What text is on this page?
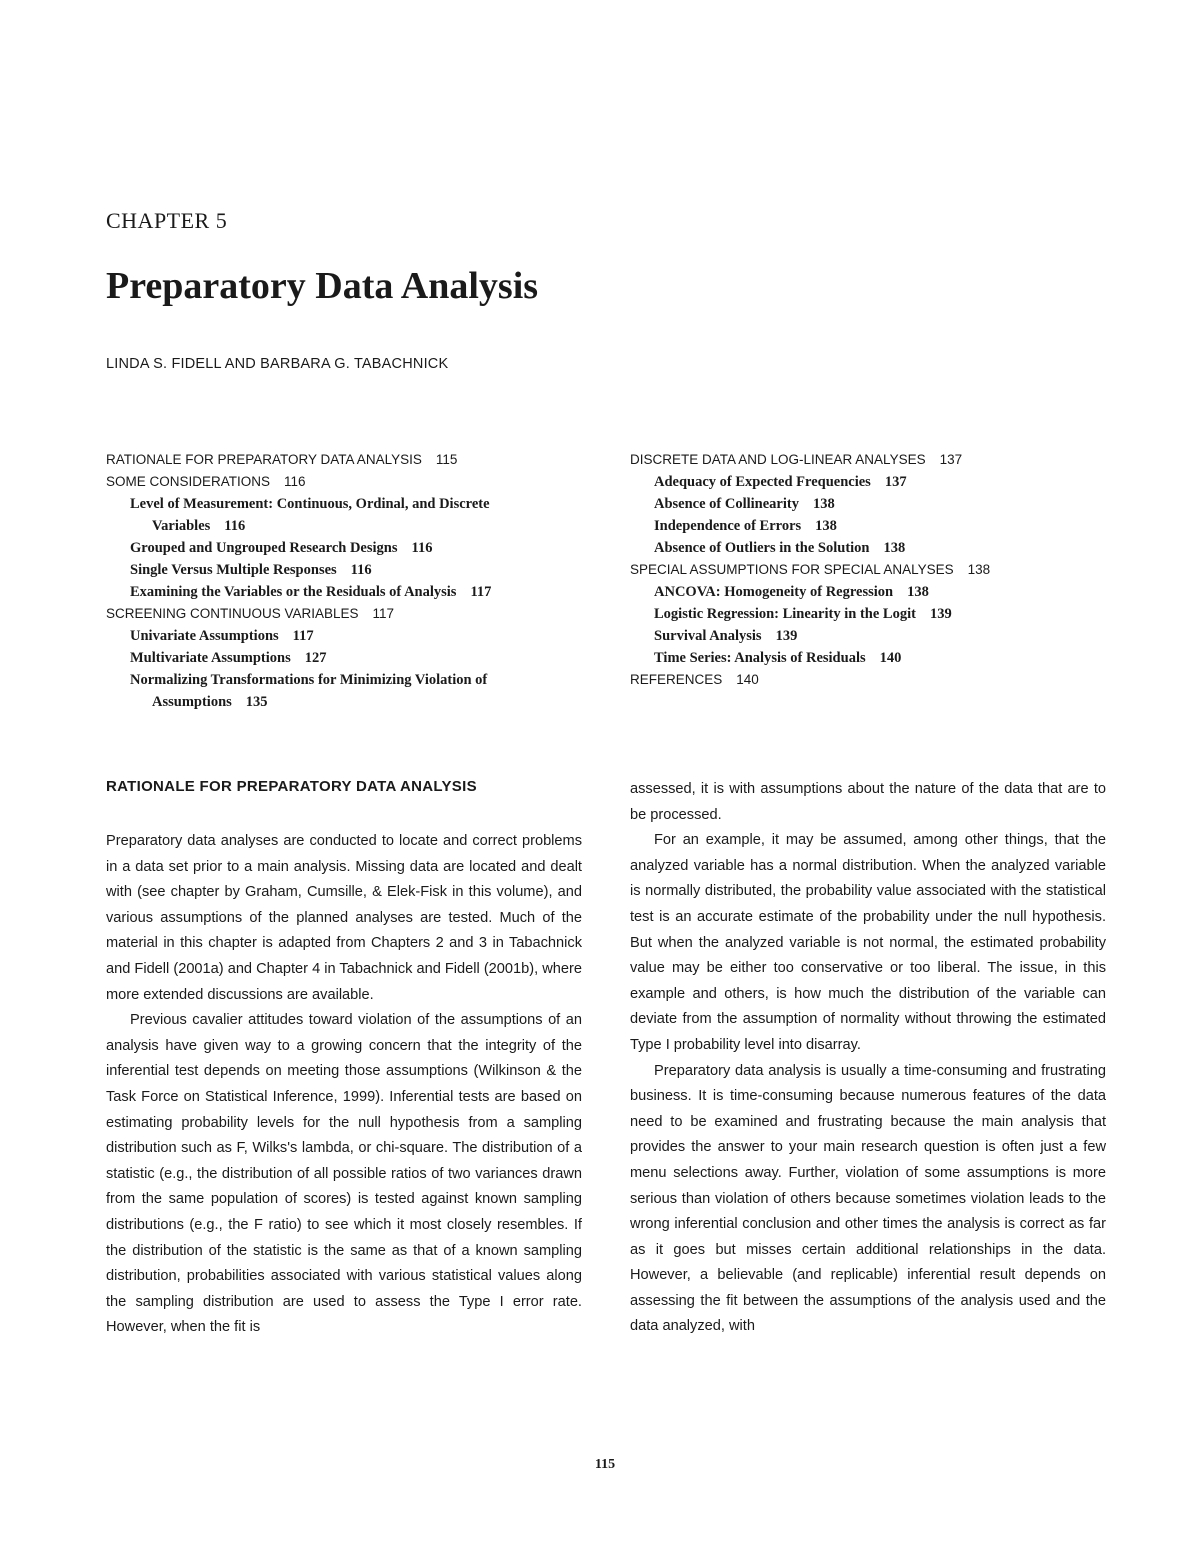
CHAPTER 5
Preparatory Data Analysis
LINDA S. FIDELL AND BARBARA G. TABACHNICK
RATIONALE FOR PREPARATORY DATA ANALYSIS 115
SOME CONSIDERATIONS 116
Level of Measurement: Continuous, Ordinal, and Discrete
Variables 116
Grouped and Ungrouped Research Designs 116
Single Versus Multiple Responses 116
Examining the Variables or the Residuals of Analysis 117
SCREENING CONTINUOUS VARIABLES 117
Univariate Assumptions 117
Multivariate Assumptions 127
Normalizing Transformations for Minimizing Violation of
Assumptions 135
DISCRETE DATA AND LOG-LINEAR ANALYSES 137
Adequacy of Expected Frequencies 137
Absence of Collinearity 138
Independence of Errors 138
Absence of Outliers in the Solution 138
SPECIAL ASSUMPTIONS FOR SPECIAL ANALYSES 138
ANCOVA: Homogeneity of Regression 138
Logistic Regression: Linearity in the Logit 139
Survival Analysis 139
Time Series: Analysis of Residuals 140
REFERENCES 140
RATIONALE FOR PREPARATORY DATA ANALYSIS

Preparatory data analyses are conducted to locate and correct problems in a data set prior to a main analysis. Missing data are located and dealt with (see chapter by Graham, Cumsille, & Elek-Fisk in this volume), and various assumptions of the planned analyses are tested. Much of the material in this chapter is adapted from Chapters 2 and 3 in Tabachnick and Fidell (2001a) and Chapter 4 in Tabachnick and Fidell (2001b), where more extended discussions are available.

Previous cavalier attitudes toward violation of the assumptions of an analysis have given way to a growing concern that the integrity of the inferential test depends on meeting those assumptions (Wilkinson & the Task Force on Statistical Inference, 1999). Inferential tests are based on estimating probability levels for the null hypothesis from a sampling distribution such as F, Wilks's lambda, or chi-square. The distribution of a statistic (e.g., the distribution of all possible ratios of two variances drawn from the same population of scores) is tested against known sampling distributions (e.g., the F ratio) to see which it most closely resembles. If the distribution of the statistic is the same as that of a known sampling distribution, probabilities associated with various statistical values along the sampling distribution are used to assess the Type I error rate. However, when the fit is

assessed, it is with assumptions about the nature of the data that are to be processed.

For an example, it may be assumed, among other things, that the analyzed variable has a normal distribution. When the analyzed variable is normally distributed, the probability value associated with the statistical test is an accurate estimate of the probability under the null hypothesis. But when the analyzed variable is not normal, the estimated probability value may be either too conservative or too liberal. The issue, in this example and others, is how much the distribution of the variable can deviate from the assumption of normality without throwing the estimated Type I probability level into disarray.

Preparatory data analysis is usually a time-consuming and frustrating business. It is time-consuming because numerous features of the data need to be examined and frustrating because the main analysis that provides the answer to your main research question is often just a few menu selections away. Further, violation of some assumptions is more serious than violation of others because sometimes violation leads to the wrong inferential conclusion and other times the analysis is correct as far as it goes but misses certain additional relationships in the data. However, a believable (and replicable) inferential result depends on assessing the fit between the assumptions of the analysis used and the data analyzed, with

115
